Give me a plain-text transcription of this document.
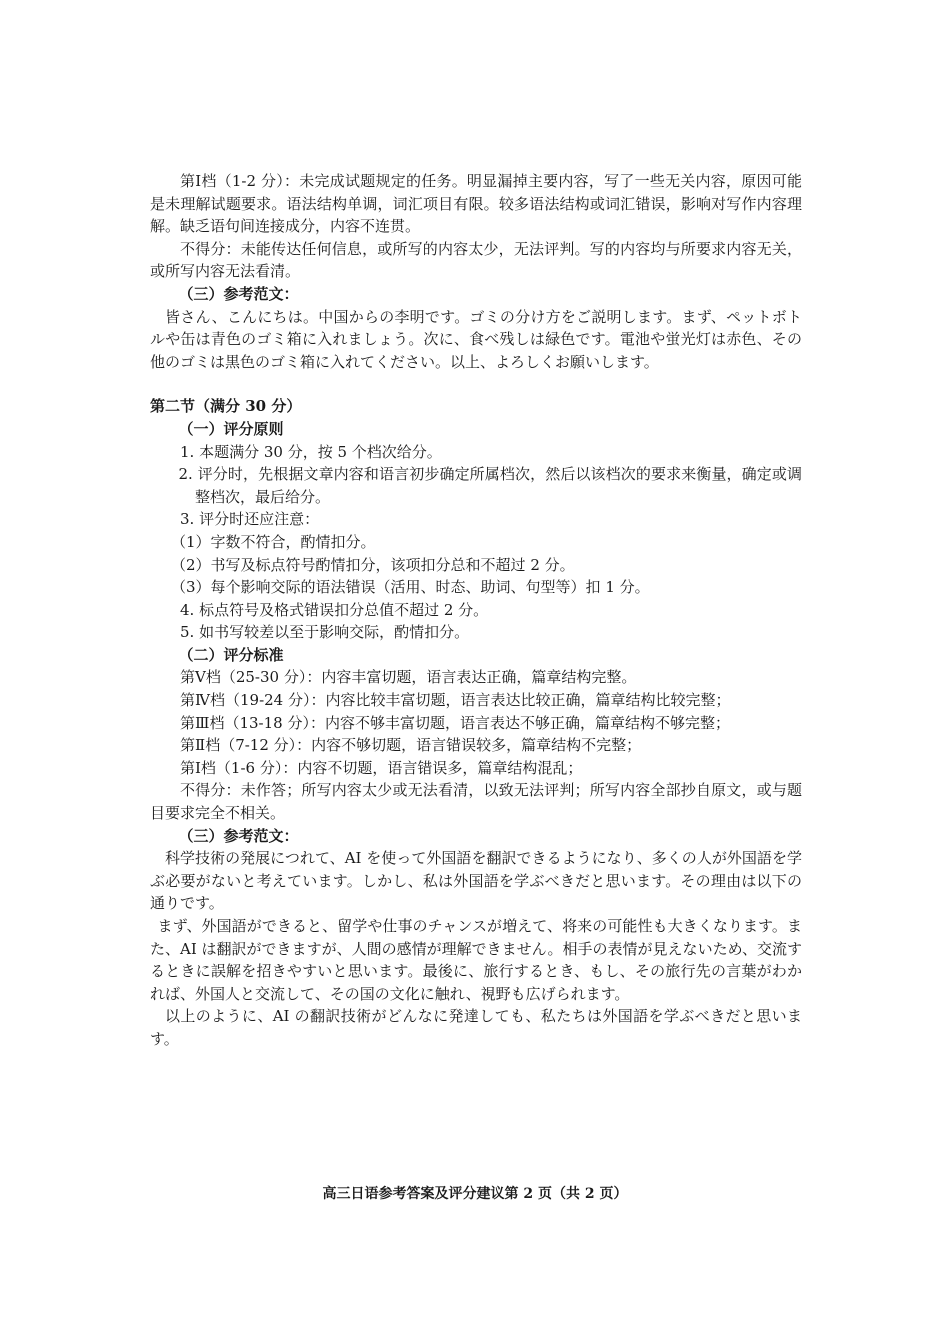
第Ⅰ档（1-2 分）：未完成试题规定的任务。明显漏掉主要内容，写了一些无关内容，原因可能是未理解试题要求。语法结构单调，词汇项目有限。较多语法结构或词汇错误，影响对写作内容理解。缺乏语句间连接成分，内容不连贯。

不得分：未能传达任何信息，或所写的内容太少，无法评判。写的内容均与所要求内容无关，或所写内容无法看清。

（三）参考范文：

皆さん、こんにちは。中国からの李明です。ゴミの分け方をご説明します。まず、ペットボトルや缶は青色のゴミ箱に入れましょう。次に、食べ残しは緑色です。電池や蛍光灯は赤色、その他のゴミは黒色のゴミ箱に入れてください。以上、よろしくお願いします。

第二节（满分 30 分）

（一）评分原则

1. 本题满分 30 分，按 5 个档次给分。

2. 评分时，先根据文章内容和语言初步确定所属档次，然后以该档次的要求来衡量，确定或调整档次，最后给分。

3. 评分时还应注意：

（1）字数不符合，酌情扣分。

（2）书写及标点符号酌情扣分，该项扣分总和不超过 2 分。

（3）每个影响交际的语法错误（活用、时态、助词、句型等）扣 1 分。

4. 标点符号及格式错误扣分总值不超过 2 分。

5. 如书写较差以至于影响交际，酌情扣分。

（二）评分标准

第Ⅴ档（25-30 分）：内容丰富切题，语言表达正确，篇章结构完整。

第Ⅳ档（19-24 分）：内容比较丰富切题，语言表达比较正确，篇章结构比较完整；

第Ⅲ档（13-18 分）：内容不够丰富切题，语言表达不够正确，篇章结构不够完整；

第Ⅱ档（7-12 分）：内容不够切题，语言错误较多，篇章结构不完整；

第Ⅰ档（1-6 分）：内容不切题，语言错误多，篇章结构混乱；

不得分：未作答；所写内容太少或无法看清，以致无法评判；所写内容全部抄自原文，或与题目要求完全不相关。

（三）参考范文：

科学技術の発展につれて、AI を使って外国語を翻訳できるようになり、多くの人が外国語を学ぶ必要がないと考えています。しかし、私は外国語を学ぶべきだと思います。その理由は以下の通りです。

まず、外国語ができると、留学や仕事のチャンスが増えて、将来の可能性も大きくなります。また、AI は翻訳ができますが、人間の感情が理解できません。相手の表情が見えないため、交流するときに誤解を招きやすいと思います。最後に、旅行するとき、もし、その旅行先の言葉がわかれば、外国人と交流して、その国の文化に触れ、視野も広げられます。

以上のように、AI の翻訳技術がどんなに発達しても、私たちは外国語を学ぶべきだと思います。

高三日语参考答案及评分建议第 2 页（共 2 页）
